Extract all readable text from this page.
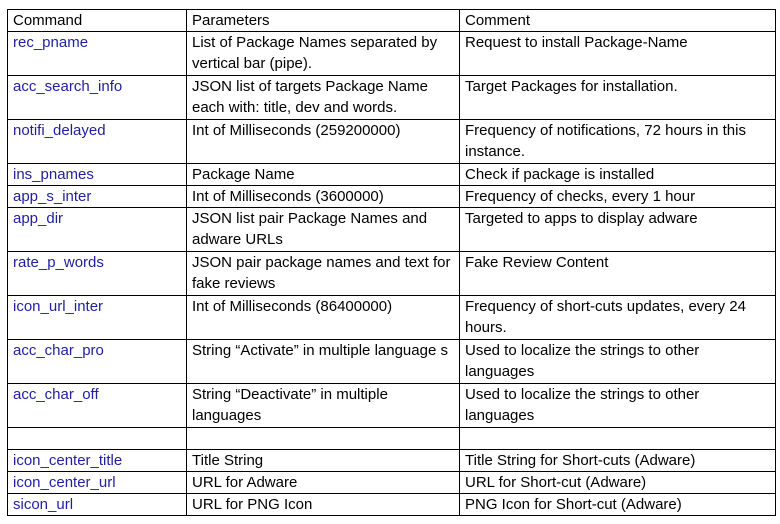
Command	Parameters	Comment
rec_pname	List of Package Names separated by vertical bar (pipe).	Request to install Package-Name
acc_search_info	JSON list of targets Package Name each with: title, dev and words.	Target Packages for installation.
notifi_delayed	Int of Milliseconds (259200000)	Frequency of notifications, 72 hours in this instance.
ins_pnames	Package Name	Check if package is installed
app_s_inter	Int of Milliseconds (3600000)	Frequency of checks, every 1 hour
app_dir	JSON list pair Package Names and adware URLs	Targeted to apps to display adware
rate_p_words	JSON pair package names and text for fake reviews	Fake Review Content
icon_url_inter	Int of Milliseconds (86400000)	Frequency of short-cuts updates, every 24 hours.
acc_char_pro	String “Activate” in multiple language s	Used to localize the strings to other languages
acc_char_off	String “Deactivate” in multiple languages	Used to localize the strings to other languages

icon_center_title	Title String	Title String for Short-cuts (Adware)
icon_center_url	URL for Adware	URL for Short-cut (Adware)
sicon_url	URL for PNG Icon	PNG Icon for Short-cut (Adware)
